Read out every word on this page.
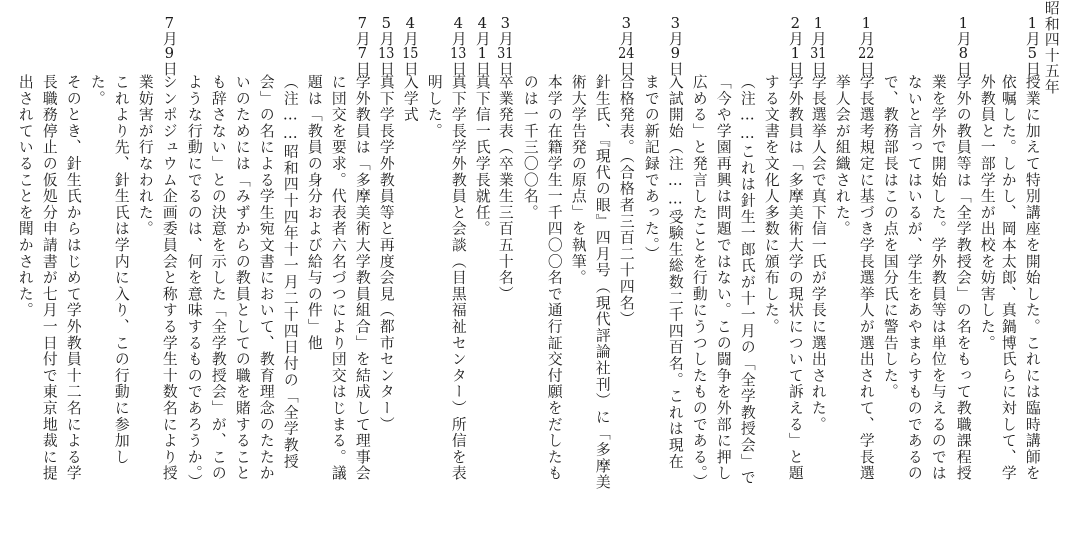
昭和四十五年
1月5日
1月8日
1月22日
1月31日
2月1日
3月9日
3月24日
3月31日
4月1日
4月13日
4月15日
5月13日
7月7日
7月9日
授業に加えて特別講座を開始した。これには臨時講師を
依嘱した。しかし、岡本太郎、真鍋博氏らに対して、学
外教員と一部学生が出校を妨害した。
学外の教員等は「全学教授会」の名をもって教職課程授
業を学外で開始した。学外教員等は単位を与えるのでは
ないと言ってはいるが、学生をあやまらすものであるの
で、教務部長はこの点を国分氏に警告した。
学長選考規定に基づき学長選挙人が選出されて、学長選
挙人会が組織された。
学長選挙人会で真下信一氏が学長に選出された。
学外教員は「多摩美術大学の現状について訴える」と題
する文書を文化人多数に頒布した。
（注……これは針生一郎氏が十一月の「全学教授会」で
「今や学園再興は問題ではない。この闘争を外部に押し
広める」と発言したことを行動にうつしたものである。）
入試開始（注……受験生総数二千四百名。これは現在
までの新記録であった。）
合格発表。（合格者三百二十四名）
針生氏、『現代の眼』四月号（現代評論社刊）に「多摩美
術大学告発の原点」を執筆。
本学の在籍学生一千四〇〇名で通行証交付願をだしたも
のは一千三〇〇名。
卒業発表（卒業生三百五十名）
真下信一氏学長就任。
真下学長学外教員と会談（目黒福祉センター）所信を表
明した。
入学式
真下学長学外教員等と再度会見（都市センター）
学外教員は「多摩美術大学教員組合」を結成して理事会
に団交を要求。代表者六名づつにより団交はじまる。議
題は「教員の身分および給与の件」他
（注……昭和四十四年十一月二十四日付の「全学教授
会」の名による学生宛文書において、教育理念のたたか
いのためには「みずからの教員としての職を賭すること
も辞さない」との決意を示した「全学教授会」が、この
ような行動にでるのは、何を意味するものであろうか。）
シンポジュウム企画委員会と称する学生十数名により授
業妨害が行なわれた。
これより先、針生氏は学内に入り、この行動に参加し
た。
そのとき、針生氏からはじめて学外教員十二名による学
長職務停止の仮処分申請書が七月一日付で東京地裁に提
出されていることを聞かされた。
